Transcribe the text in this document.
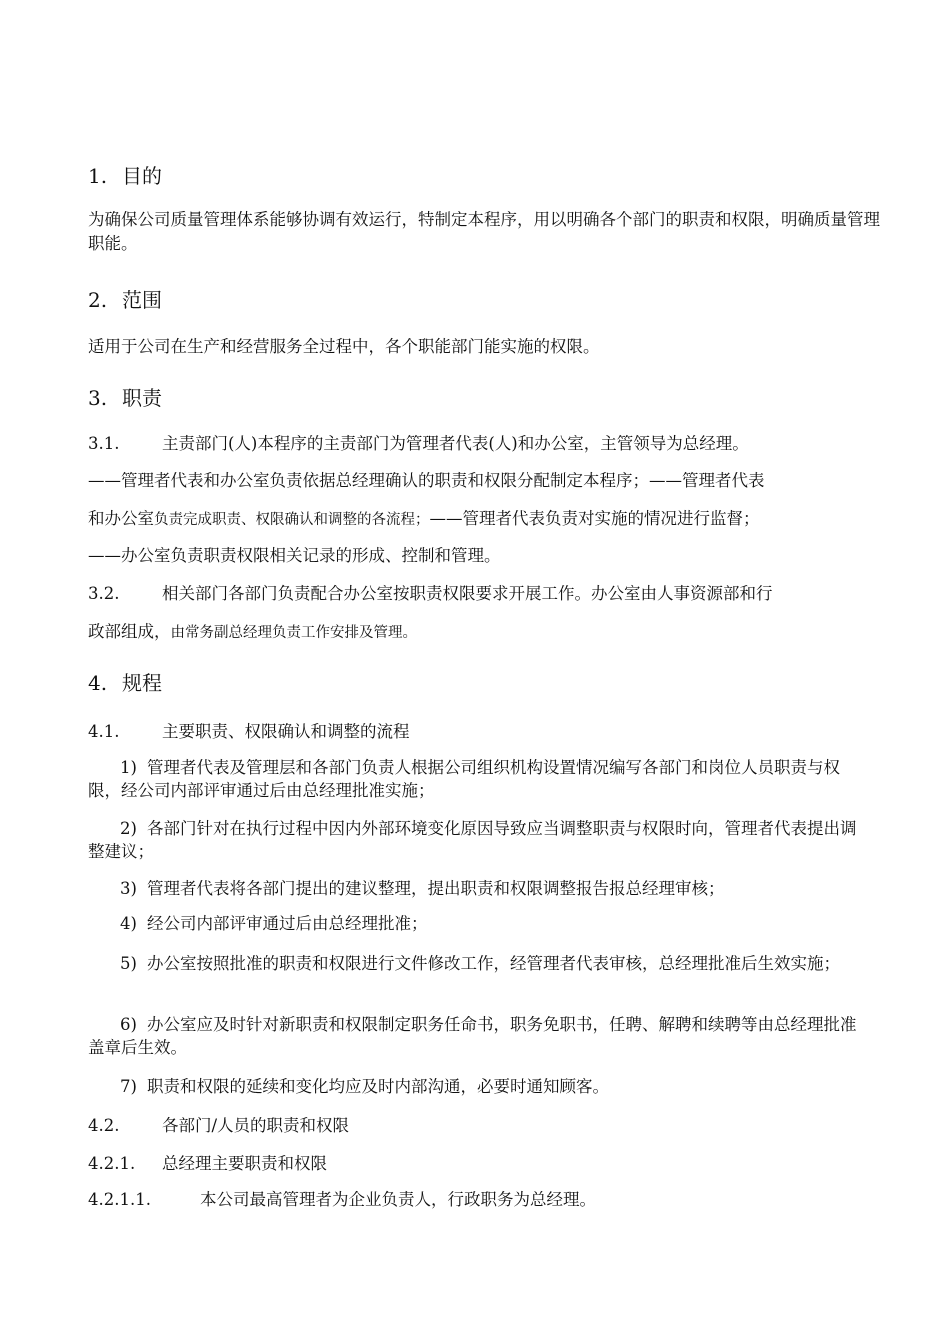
1. 目的
为确保公司质量管理体系能够协调有效运行，特制定本程序，用以明确各个部门的职责和权限，明确质量管理职能。
2. 范围
适用于公司在生产和经营服务全过程中，各个职能部门能实施的权限。
3. 职责
3.1.	主责部门(人)本程序的主责部门为管理者代表(人)和办公室，主管领导为总经理。
——管理者代表和办公室负责依据总经理确认的职责和权限分配制定本程序；——管理者代表
和办公室负责完成职责、权限确认和调整的各流程；——管理者代表负责对实施的情况进行监督；
——办公室负责职责权限相关记录的形成、控制和管理。
3.2.	相关部门各部门负责配合办公室按职责权限要求开展工作。办公室由人事资源部和行
政部组成，由常务副总经理负责工作安排及管理。
4. 规程
4.1.	主要职责、权限确认和调整的流程
1) 管理者代表及管理层和各部门负责人根据公司组织机构设置情况编写各部门和岗位人员职责与权限，经公司内部评审通过后由总经理批准实施；
2) 各部门针对在执行过程中因内外部环境变化原因导致应当调整职责与权限时向，管理者代表提出调整建议；
3) 管理者代表将各部门提出的建议整理，提出职责和权限调整报告报总经理审核；
4) 经公司内部评审通过后由总经理批准；
5) 办公室按照批准的职责和权限进行文件修改工作，经管理者代表审核，总经理批准后生效实施；
6) 办公室应及时针对新职责和权限制定职务任命书，职务免职书，任聘、解聘和续聘等由总经理批准盖章后生效。
7) 职责和权限的延续和变化均应及时内部沟通，必要时通知顾客。
4.2.	各部门/人员的职责和权限
4.2.1. 总经理主要职责和权限
4.2.1.1.	本公司最高管理者为企业负责人，行政职务为总经理。
